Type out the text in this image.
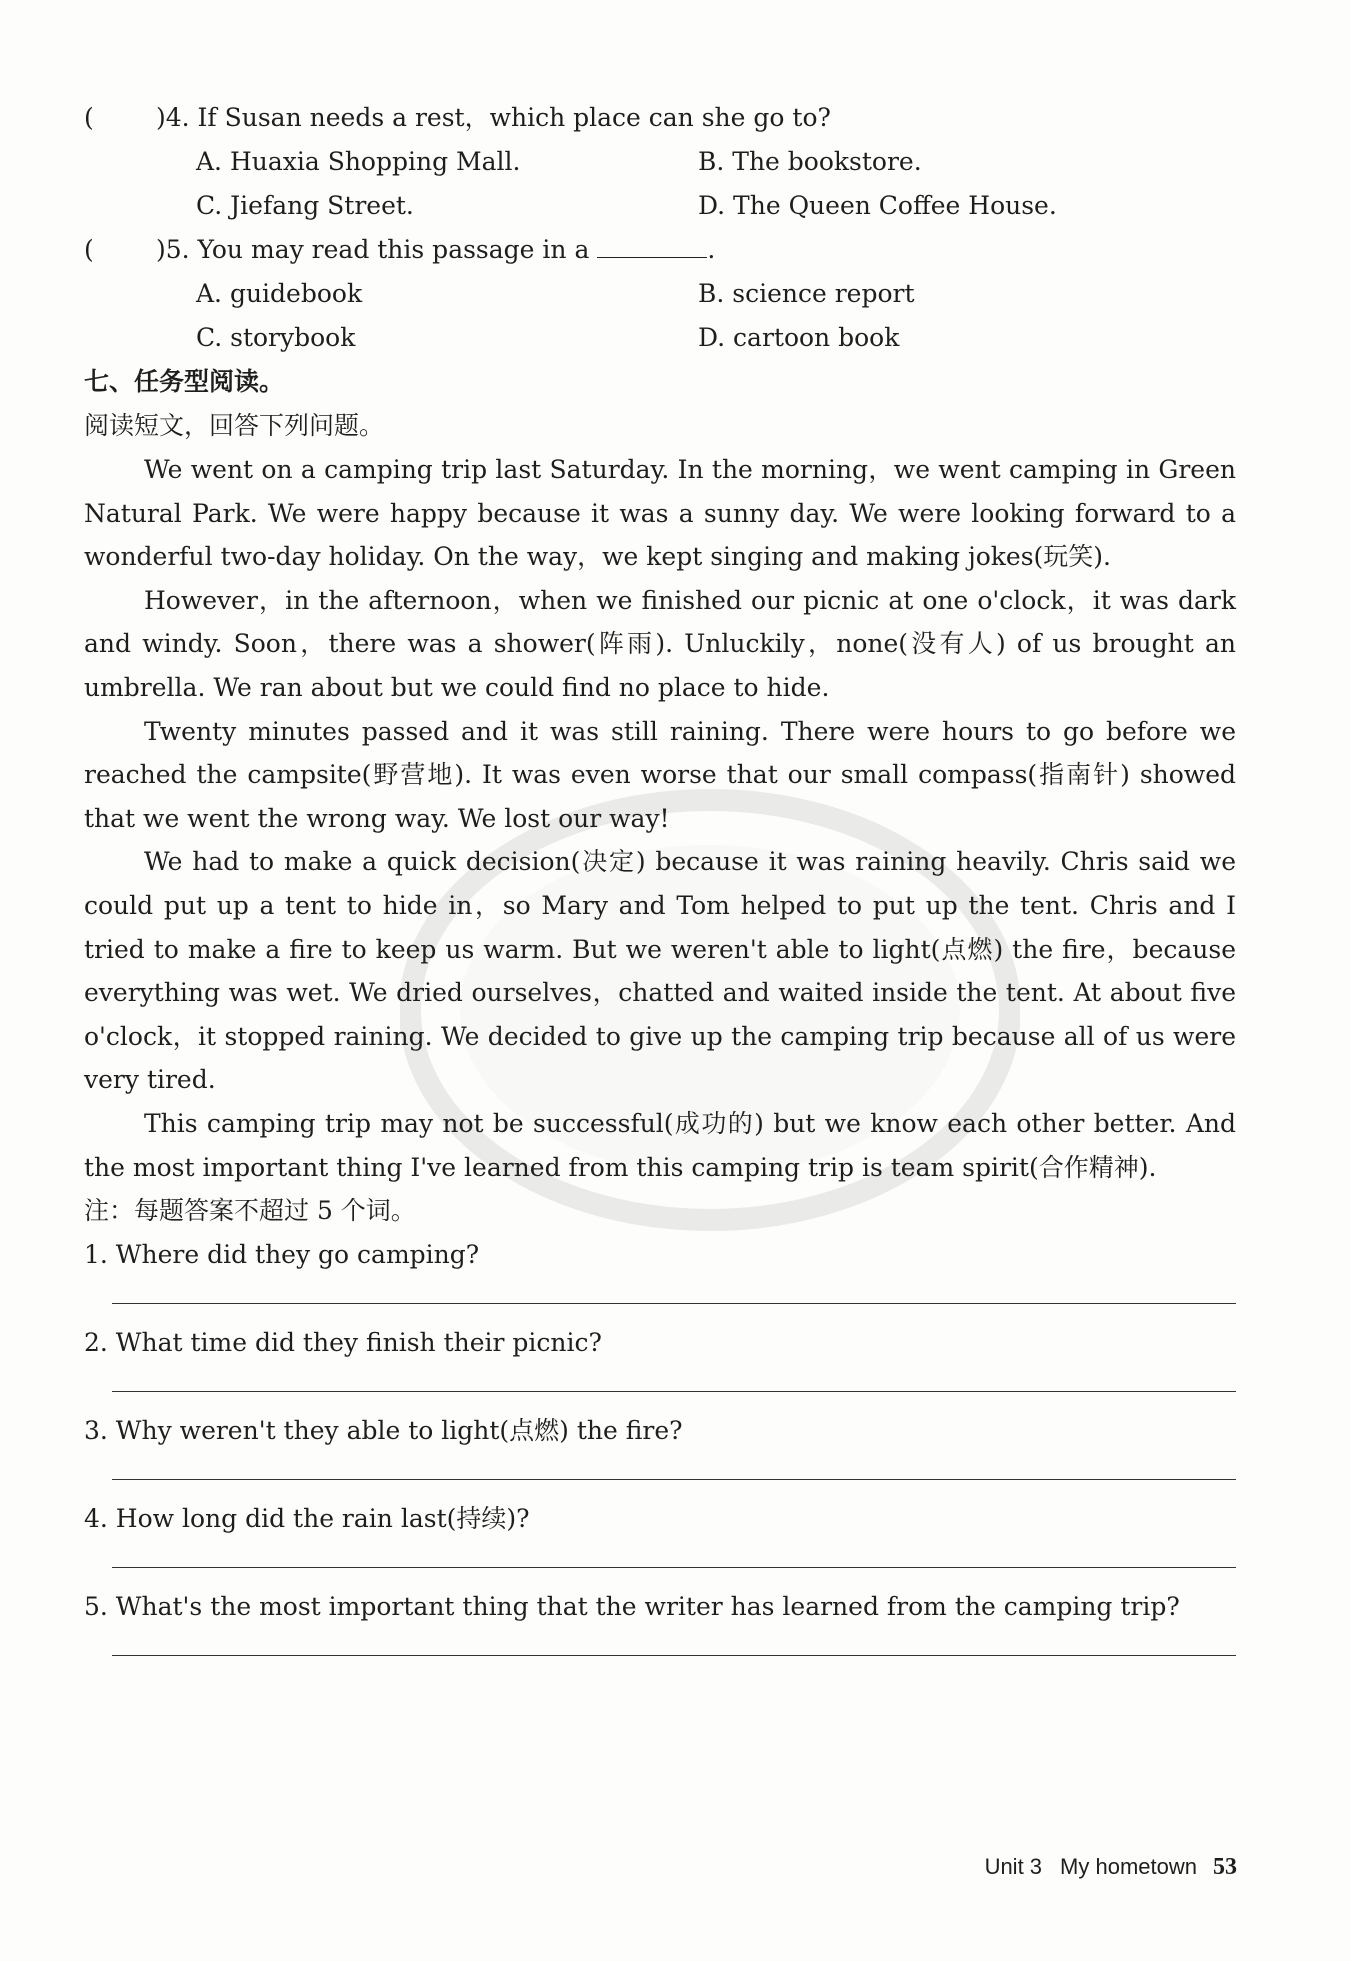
( )4. If Susan needs a rest，which place can she go to?
A. Huaxia Shopping Mall.	B. The bookstore.
C. Jiefang Street.	D. The Queen Coffee House.
( )5. You may read this passage in a	.
A. guidebook	B. science report
C. storybook	D. cartoon book
七、任务型阅读。
阅读短文，回答下列问题。

We went on a camping trip last Saturday. In the morning，we went camping in Green Natural Park. We were happy because it was a sunny day. We were looking forward to a wonderful two-day holiday. On the way，we kept singing and making jokes(玩笑).

However，in the afternoon，when we finished our picnic at one o'clock，it was dark and windy. Soon，there was a shower(阵雨). Unluckily，none(没有人) of us brought an umbrella. We ran about but we could find no place to hide.

Twenty minutes passed and it was still raining. There were hours to go before we reached the campsite(野营地). It was even worse that our small compass(指南针) showed that we went the wrong way. We lost our way!

We had to make a quick decision(决定) because it was raining heavily. Chris said we could put up a tent to hide in，so Mary and Tom helped to put up the tent. Chris and I tried to make a fire to keep us warm. But we weren't able to light(点燃) the fire，because everything was wet. We dried ourselves，chatted and waited inside the tent. At about five o'clock，it stopped raining. We decided to give up the camping trip because all of us were very tired.

This camping trip may not be successful(成功的) but we know each other better. And the most important thing I've learned from this camping trip is team spirit(合作精神).

注：每题答案不超过 5 个词。
1. Where did they go camping?
2. What time did they finish their picnic?
3. Why weren't they able to light(点燃) the fire?
4. How long did the rain last(持续)?
5. What's the most important thing that the writer has learned from the camping trip?
Unit 3 My hometown 53
